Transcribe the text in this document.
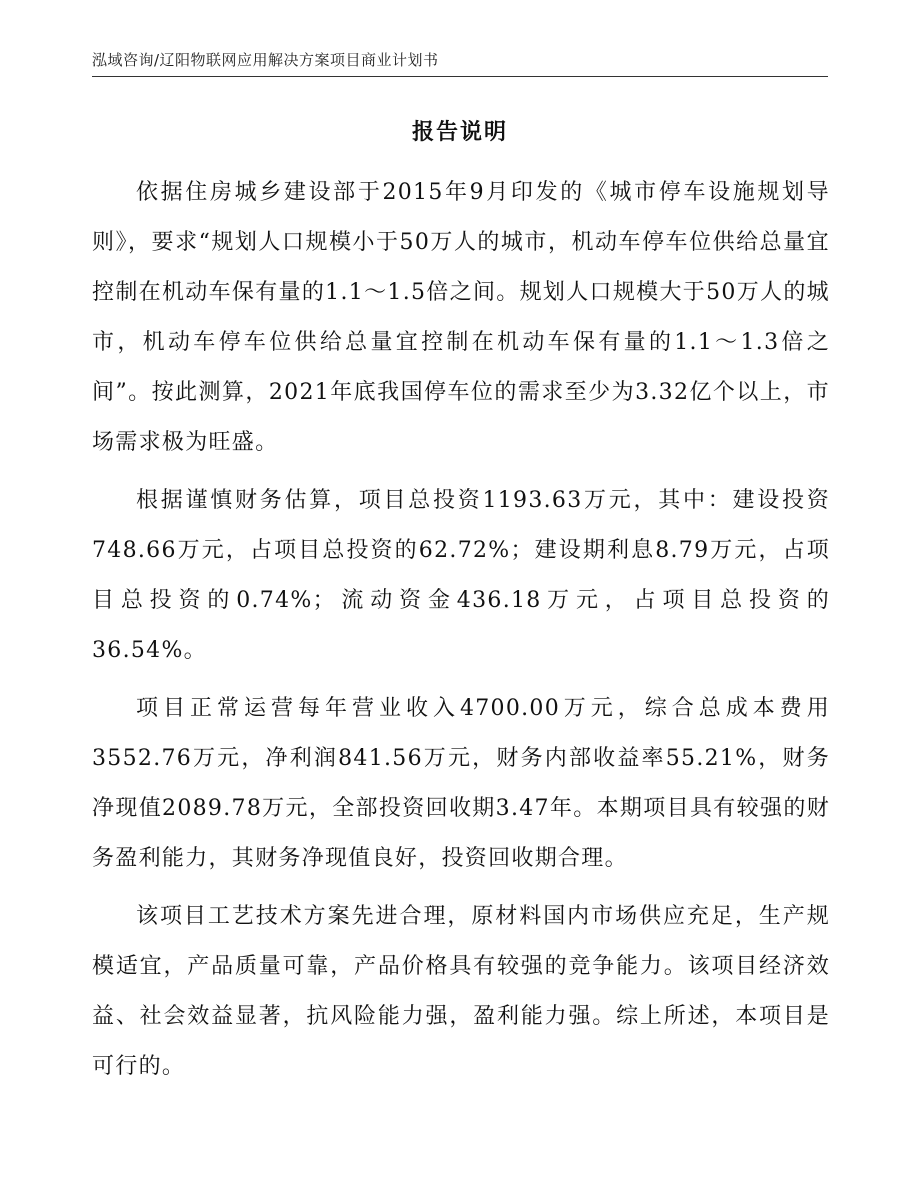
泓域咨询/辽阳物联网应用解决方案项目商业计划书
报告说明

依据住房城乡建设部于2015年9月印发的《城市停车设施规划导则》，要求“规划人口规模小于50万人的城市，机动车停车位供给总量宜控制在机动车保有量的1.1～1.5倍之间。规划人口规模大于50万人的城市，机动车停车位供给总量宜控制在机动车保有量的1.1～1.3倍之间”。按此测算，2021年底我国停车位的需求至少为3.32亿个以上，市场需求极为旺盛。

根据谨慎财务估算，项目总投资1193.63万元，其中：建设投资748.66万元，占项目总投资的62.72%；建设期利息8.79万元，占项目总投资的0.74%；流动资金436.18万元，占项目总投资的36.54%。

项目正常运营每年营业收入4700.00万元，综合总成本费用3552.76万元，净利润841.56万元，财务内部收益率55.21%，财务净现值2089.78万元，全部投资回收期3.47年。本期项目具有较强的财务盈利能力，其财务净现值良好，投资回收期合理。

该项目工艺技术方案先进合理，原材料国内市场供应充足，生产规模适宜，产品质量可靠，产品价格具有较强的竞争能力。该项目经济效益、社会效益显著，抗风险能力强，盈利能力强。综上所述，本项目是可行的。
